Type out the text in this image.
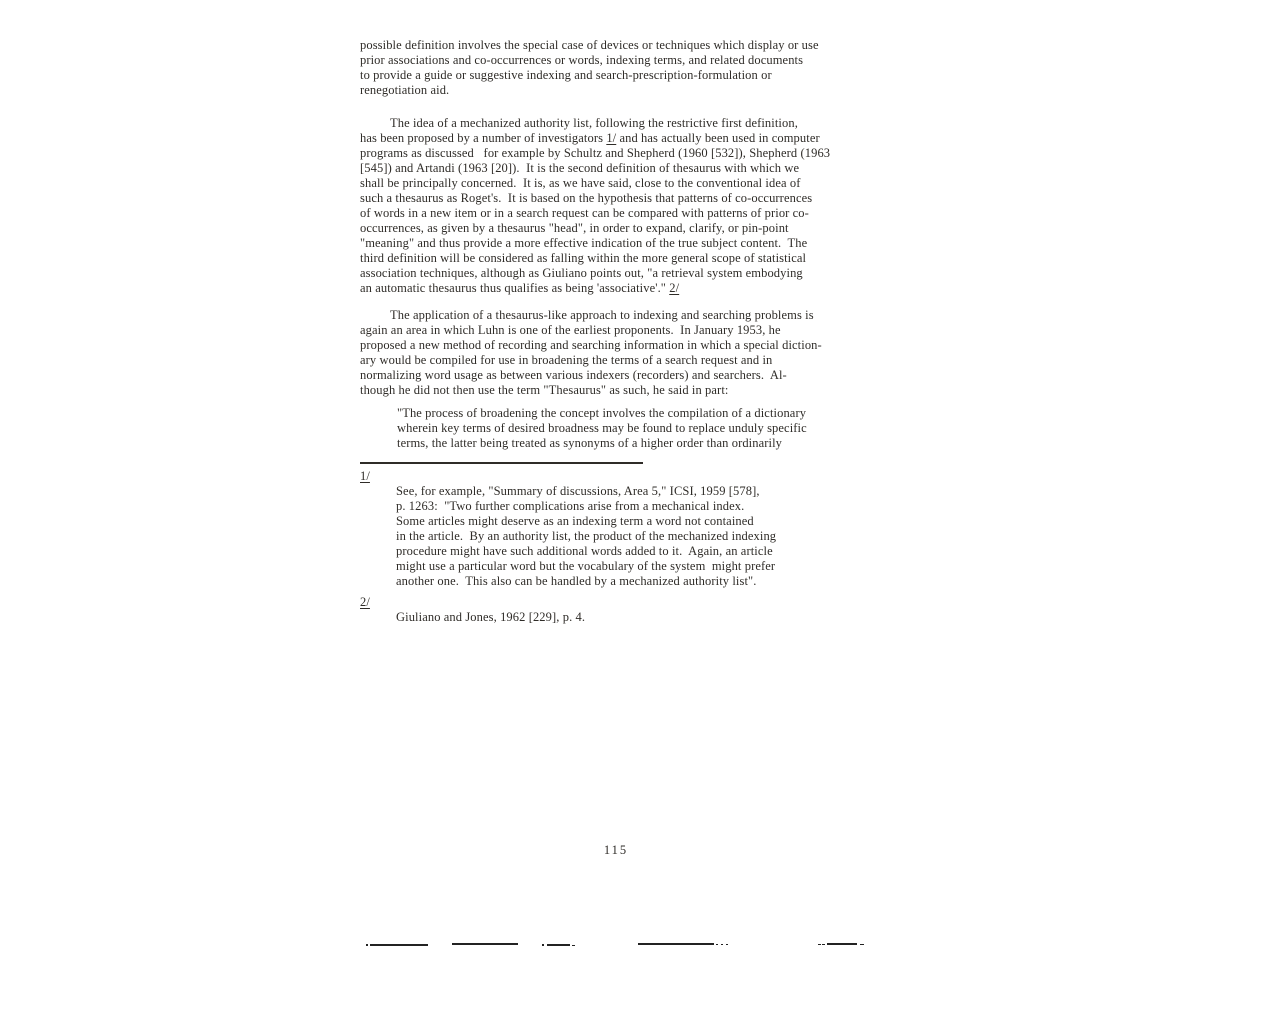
possible definition involves the special case of devices or techniques which display or use
prior associations and co-occurrences or words, indexing terms, and related documents
to provide a guide or suggestive indexing and search-prescription-formulation or
renegotiation aid.
The idea of a mechanized authority list, following the restrictive first definition,
has been proposed by a number of investigators 1/ and has actually been used in computer
programs as discussed   for example by Schultz and Shepherd (1960 [532]), Shepherd (1963
[545]) and Artandi (1963 [20]).  It is the second definition of thesaurus with which we
shall be principally concerned.  It is, as we have said, close to the conventional idea of
such a thesaurus as Roget's.  It is based on the hypothesis that patterns of co-occurrences
of words in a new item or in a search request can be compared with patterns of prior co-
occurrences, as given by a thesaurus "head", in order to expand, clarify, or pin-point
"meaning" and thus provide a more effective indication of the true subject content.  The
third definition will be considered as falling within the more general scope of statistical
association techniques, although as Giuliano points out, "a retrieval system embodying
an automatic thesaurus thus qualifies as being 'associative'." 2/
The application of a thesaurus-like approach to indexing and searching problems is
again an area in which Luhn is one of the earliest proponents.  In January 1953, he
proposed a new method of recording and searching information in which a special diction-
ary would be compiled for use in broadening the terms of a search request and in
normalizing word usage as between various indexers (recorders) and searchers.  Al-
though he did not then use the term "Thesaurus" as such, he said in part:
"The process of broadening the concept involves the compilation of a dictionary
wherein key terms of desired broadness may be found to replace unduly specific
terms, the latter being treated as synonyms of a higher order than ordinarily
1/
See, for example, "Summary of discussions, Area 5," ICSI, 1959 [578],
p. 1263:  "Two further complications arise from a mechanical index.
Some articles might deserve as an indexing term a word not contained
in the article.  By an authority list, the product of the mechanized indexing
procedure might have such additional words added to it.  Again, an article
might use a particular word but the vocabulary of the system  might prefer
another one.  This also can be handled by a mechanized authority list".
2/
Giuliano and Jones, 1962 [229], p. 4.
115
